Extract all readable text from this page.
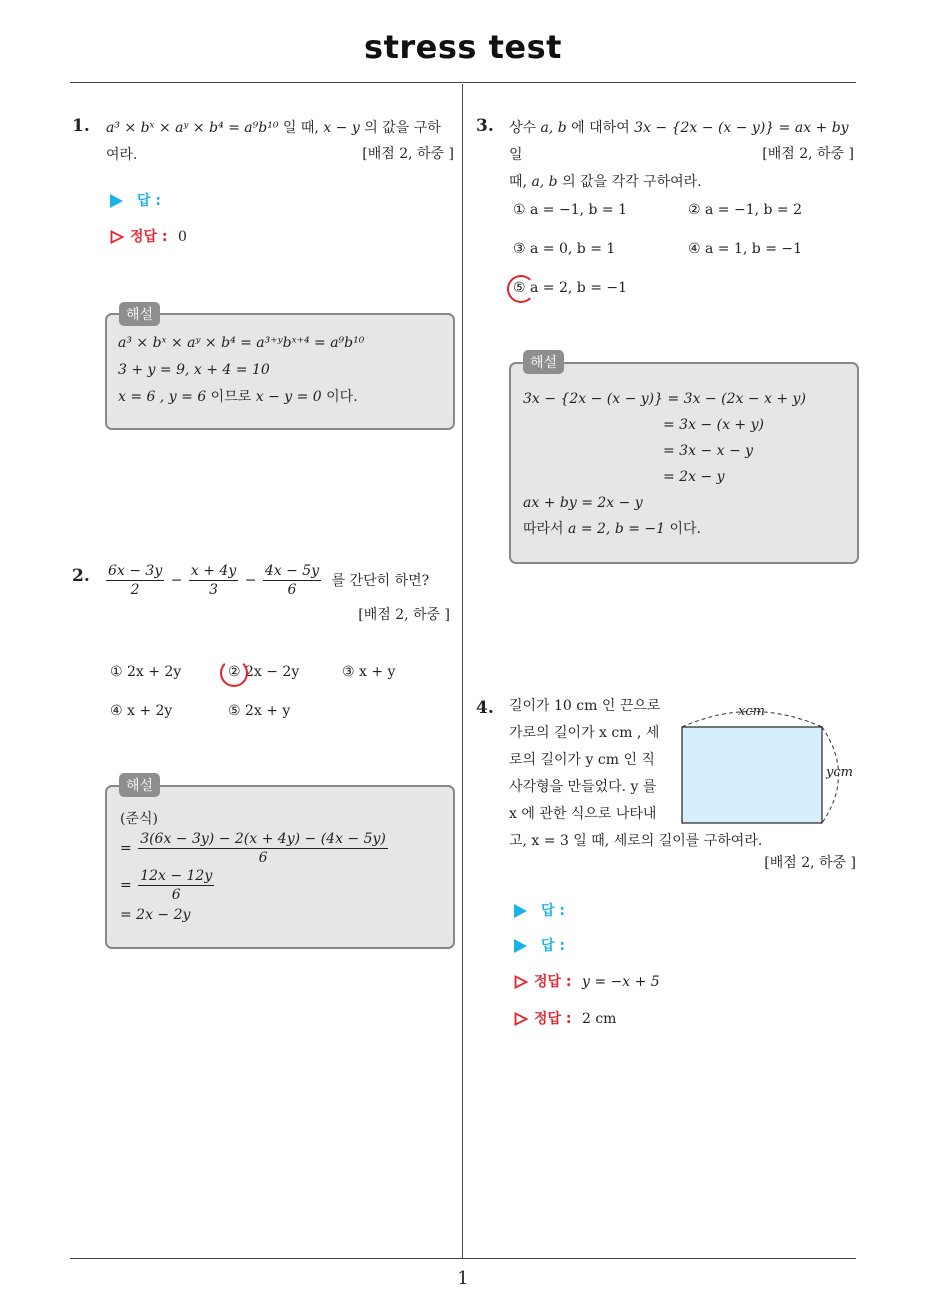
stress test
1
1. a³ × bˣ × aʸ × b⁴ = a⁹b¹⁰ 일 때, x − y 의 값을 구하
여라.	[배점 2, 하중 ]
답 :
정답 : 0
해설
a³ × bˣ × aʸ × b⁴ = a³⁺ʸbˣ⁺⁴ = a⁹b¹⁰
3 + y = 9, x + 4 = 10
x = 6 , y = 6 이므로 x − y = 0 이다.
2. $\frac{6x - 3y}{2} - \frac{x + 4y}{3} - \frac{4x - 5y}{6}$ 를 간단히 하면?
[배점 2, 하중 ]
① 2x + 2y	② 2x − 2y	③ x + y
④ x + 2y	⑤ 2x + y
해설
(준식)
= $\frac{3(6x - 3y) - 2(x + 4y) - (4x - 5y)}{6}$
= $\frac{12x - 12y}{6}$
= 2x − 2y
3. 상수 a, b 에 대하여 3x − {2x − (x − y)} = ax + by 일
때, a, b 의 값을 각각 구하여라.
[배점 2, 하중 ]
① a = −1, b = 1	② a = −1, b = 2
③ a = 0, b = 1	④ a = 1, b = −1
⑤ a = 2, b = −1
해설
3x − {2x − (x − y)} = 3x − (2x − x + y)
= 3x − (x + y)
= 3x − x − y
= 2x − y
ax + by = 2x − y
따라서 a = 2, b = −1 이다.
4. 길이가 10 cm 인 끈으로
가로의 길이가 x cm , 세
로의 길이가 y cm 인 직
사각형을 만들었다. y 를
x 에 관한 식으로 나타내
고, x = 3 일 때, 세로의 길이를 구하여라.
xcm
ycm
[배점 2, 하중 ]
답 :
답 :
정답 : y = −x + 5
정답 : 2 cm
